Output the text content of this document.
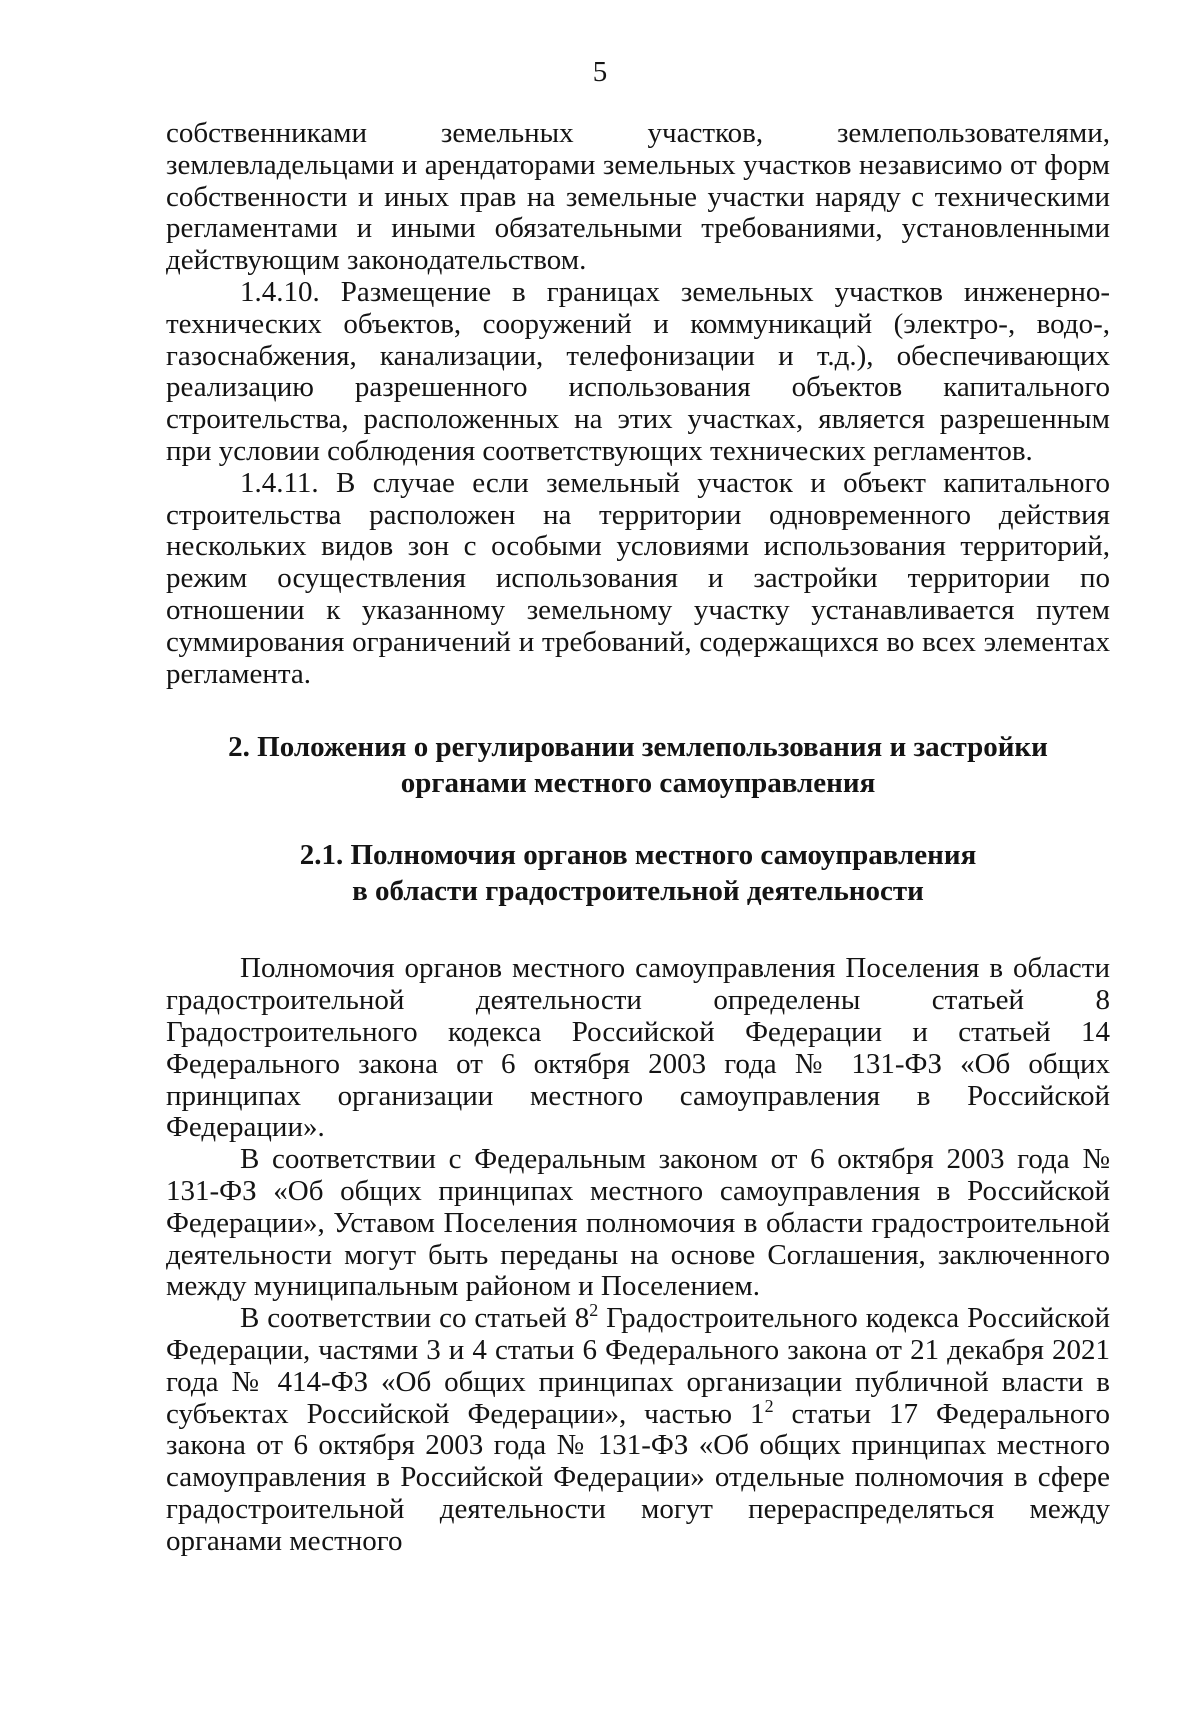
5

собственниками земельных участков, землепользователями, землевладельцами и арендаторами земельных участков независимо от форм собственности и иных прав на земельные участки наряду с техническими регламентами и иными обязательными требованиями, установленными действующим законодательством.

1.4.10. Размещение в границах земельных участков инженерно-технических объектов, сооружений и коммуникаций (электро-, водо-, газоснабжения, канализации, телефонизации и т.д.), обеспечивающих реализацию разрешенного использования объектов капитального строительства, расположенных на этих участках, является разрешенным при условии соблюдения соответствующих технических регламентов.

1.4.11. В случае если земельный участок и объект капитального строительства расположен на территории одновременного действия нескольких видов зон с особыми условиями использования территорий, режим осуществления использования и застройки территории по отношении к указанному земельному участку устанавливается путем суммирования ограничений и требований, содержащихся во всех элементах регламента.

2. Положения о регулировании землепользования и застройки
органами местного самоуправления
2.1. Полномочия органов местного самоуправления
в области градостроительной деятельности

Полномочия органов местного самоуправления Поселения в области градостроительной деятельности определены статьей 8 Градостроительного кодекса Российской Федерации и статьей 14 Федерального закона от 6 октября 2003 года № 131-ФЗ «Об общих принципах организации местного самоуправления в Российской Федерации».

В соответствии с Федеральным законом от 6 октября 2003 года № 131-ФЗ «Об общих принципах местного самоуправления в Российской Федерации», Уставом Поселения полномочия в области градостроительной деятельности могут быть переданы на основе Соглашения, заключенного между муниципальным районом и Поселением.

В соответствии со статьей $8^2$ Градостроительного кодекса Российской Федерации, частями 3 и 4 статьи 6 Федерального закона от 21 декабря 2021 года № 414-ФЗ «Об общих принципах организации публичной власти в субъектах Российской Федерации», частью $1^2$ статьи 17 Федерального закона от 6 октября 2003 года № 131-ФЗ «Об общих принципах местного самоуправления в Российской Федерации» отдельные полномочия в сфере градостроительной деятельности могут перераспределяться между органами местного
